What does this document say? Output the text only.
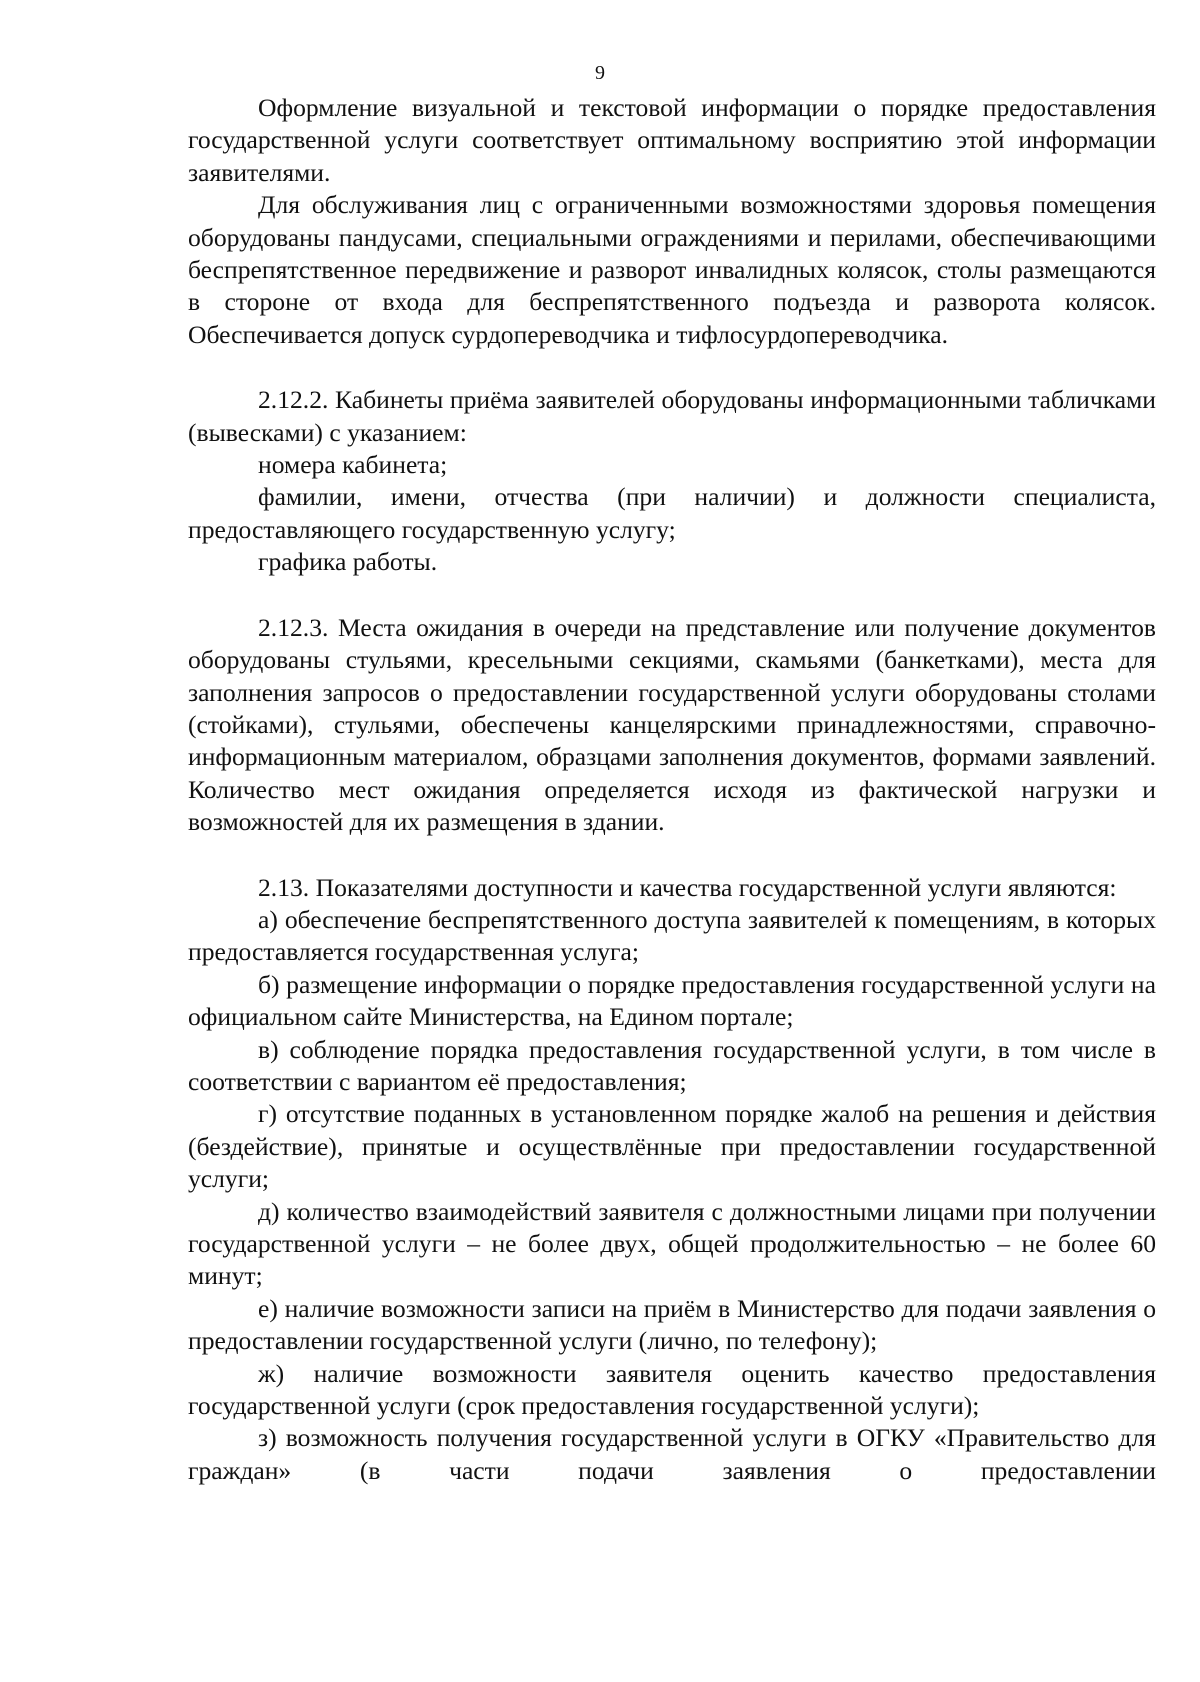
9

Оформление визуальной и текстовой информации о порядке предоставления государственной услуги соответствует оптимальному восприятию этой информации заявителями.

Для обслуживания лиц с ограниченными возможностями здоровья помещения оборудованы пандусами, специальными ограждениями и перилами, обеспечивающими беспрепятственное передвижение и разворот инвалидных колясок, столы размещаются в стороне от входа для беспрепятственного подъезда и разворота колясок. Обеспечивается допуск сурдопереводчика и тифлосурдопереводчика.

2.12.2. Кабинеты приёма заявителей оборудованы информационными табличками (вывесками) с указанием:

номера кабинета;

фамилии, имени, отчества (при наличии) и должности специалиста, предоставляющего государственную услугу;

графика работы.

2.12.3. Места ожидания в очереди на представление или получение документов оборудованы стульями, кресельными секциями, скамьями (банкетками), места для заполнения запросов о предоставлении государственной услуги оборудованы столами (стойками), стульями, обеспечены канцелярскими принадлежностями, справочно-информационным материалом, образцами заполнения документов, формами заявлений. Количество мест ожидания определяется исходя из фактической нагрузки и возможностей для их размещения в здании.

2.13. Показателями доступности и качества государственной услуги являются:

а) обеспечение беспрепятственного доступа заявителей к помещениям, в которых предоставляется государственная услуга;

б) размещение информации о порядке предоставления государственной услуги на официальном сайте Министерства, на Едином портале;

в) соблюдение порядка предоставления государственной услуги, в том числе в соответствии с вариантом её предоставления;

г) отсутствие поданных в установленном порядке жалоб на решения и действия (бездействие), принятые и осуществлённые при предоставлении государственной услуги;

д) количество взаимодействий заявителя с должностными лицами при получении государственной услуги – не более двух, общей продолжительностью – не более 60 минут;

е) наличие возможности записи на приём в Министерство для подачи заявления о предоставлении государственной услуги (лично, по телефону);

ж) наличие возможности заявителя оценить качество предоставления государственной услуги (срок предоставления государственной услуги);

з) возможность получения государственной услуги в ОГКУ «Правительство для граждан» (в части подачи заявления о предоставлении
